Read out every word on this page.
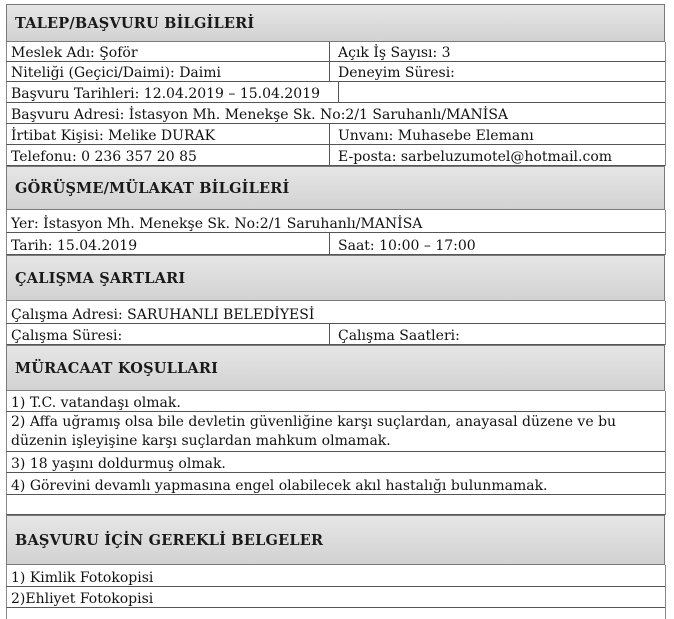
TALEP/BAŞVURU BİLGİLERİ
Meslek Adı: Şoför	Açık İş Sayısı: 3
Niteliği (Geçici/Daimi): Daimi	Deneyim Süresi:
Başvuru Tarihleri: 12.04.2019 – 15.04.2019
Başvuru Adresi: İstasyon Mh. Menekşe Sk. No:2/1 Saruhanlı/MANİSA
İrtibat Kişisi: Melike DURAK	Unvanı: Muhasebe Elemanı
Telefonu: 0 236 357 20 85	E-posta: sarbeluzumotel@hotmail.com
GÖRÜŞME/MÜLAKAT BİLGİLERİ
Yer: İstasyon Mh. Menekşe Sk. No:2/1 Saruhanlı/MANİSA
Tarih: 15.04.2019	Saat: 10:00 – 17:00
ÇALIŞMA ŞARTLARI
Çalışma Adresi: SARUHANLI BELEDİYESİ
Çalışma Süresi:	Çalışma Saatleri:
MÜRACAAT KOŞULLARI
1) T.C. vatandaşı olmak.
2) Affa uğramış olsa bile devletin güvenliğine karşı suçlardan, anayasal düzene ve bu düzenin işleyişine karşı suçlardan mahkum olmamak.
3) 18 yaşını doldurmuş olmak.
4) Görevini devamlı yapmasına engel olabilecek akıl hastalığı bulunmamak.
BAŞVURU İÇİN GEREKLİ BELGELER
1) Kimlik Fotokopisi
2)Ehliyet Fotokopisi
